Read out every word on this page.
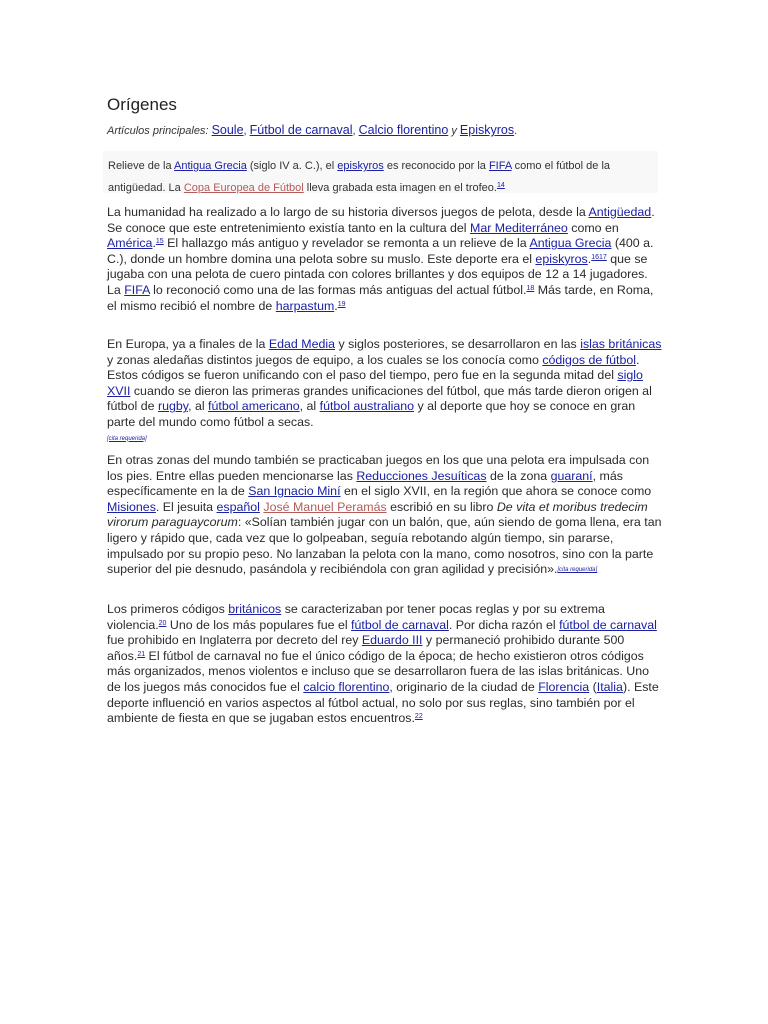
Orígenes
Artículos principales: Soule, Fútbol de carnaval, Calcio florentino y Episkyros.
Relieve de la Antigua Grecia (siglo IV a. C.), el episkyros es reconocido por la FIFA como el fútbol de la antigüedad. La Copa Europea de Fútbol lleva grabada esta imagen en el trofeo.$^{14}$

La humanidad ha realizado a lo largo de su historia diversos juegos de pelota, desde la Antigüedad. Se conoce que este entretenimiento existía tanto en la cultura del Mar Mediterráneo como en América.$^{15}$ El hallazgo más antiguo y revelador se remonta a un relieve de la Antigua Grecia (400 a. C.), donde un hombre domina una pelota sobre su muslo. Este deporte era el episkyros.$^{1617}$ que se jugaba con una pelota de cuero pintada con colores brillantes y dos equipos de 12 a 14 jugadores. La FIFA lo reconoció como una de las formas más antiguas del actual fútbol.$^{18}$ Más tarde, en Roma, el mismo recibió el nombre de harpastum.$^{19}$

En Europa, ya a finales de la Edad Media y siglos posteriores, se desarrollaron en las islas británicas y zonas aledañas distintos juegos de equipo, a los cuales se los conocía como códigos de fútbol. Estos códigos se fueron unificando con el paso del tiempo, pero fue en la segunda mitad del siglo XVII cuando se dieron las primeras grandes unificaciones del fútbol, que más tarde dieron origen al fútbol de rugby, al fútbol americano, al fútbol australiano y al deporte que hoy se conoce en gran parte del mundo como fútbol a secas.
[cita requerida]

En otras zonas del mundo también se practicaban juegos en los que una pelota era impulsada con los pies. Entre ellas pueden mencionarse las Reducciones Jesuíticas de la zona guaraní, más específicamente en la de San Ignacio Miní en el siglo XVII, en la región que ahora se conoce como Misiones. El jesuita español José Manuel Peramás escribió en su libro De vita et moribus tredecim virorum paraguaycorum: «Solían también jugar con un balón, que, aún siendo de goma llena, era tan ligero y rápido que, cada vez que lo golpeaban, seguía rebotando algún tiempo, sin pararse, impulsado por su propio peso. No lanzaban la pelota con la mano, como nosotros, sino con la parte superior del pie desnudo, pasándola y recibiéndola con gran agilidad y precisión».[cita requerida]

Los primeros códigos británicos se caracterizaban por tener pocas reglas y por su extrema violencia.$^{20}$ Uno de los más populares fue el fútbol de carnaval. Por dicha razón el fútbol de carnaval fue prohibido en Inglaterra por decreto del rey Eduardo III y permaneció prohibido durante 500 años.$^{21}$ El fútbol de carnaval no fue el único código de la época; de hecho existieron otros códigos más organizados, menos violentos e incluso que se desarrollaron fuera de las islas británicas. Uno de los juegos más conocidos fue el calcio florentino, originario de la ciudad de Florencia (Italia). Este deporte influenció en varios aspectos al fútbol actual, no solo por sus reglas, sino también por el ambiente de fiesta en que se jugaban estos encuentros.$^{22}$
